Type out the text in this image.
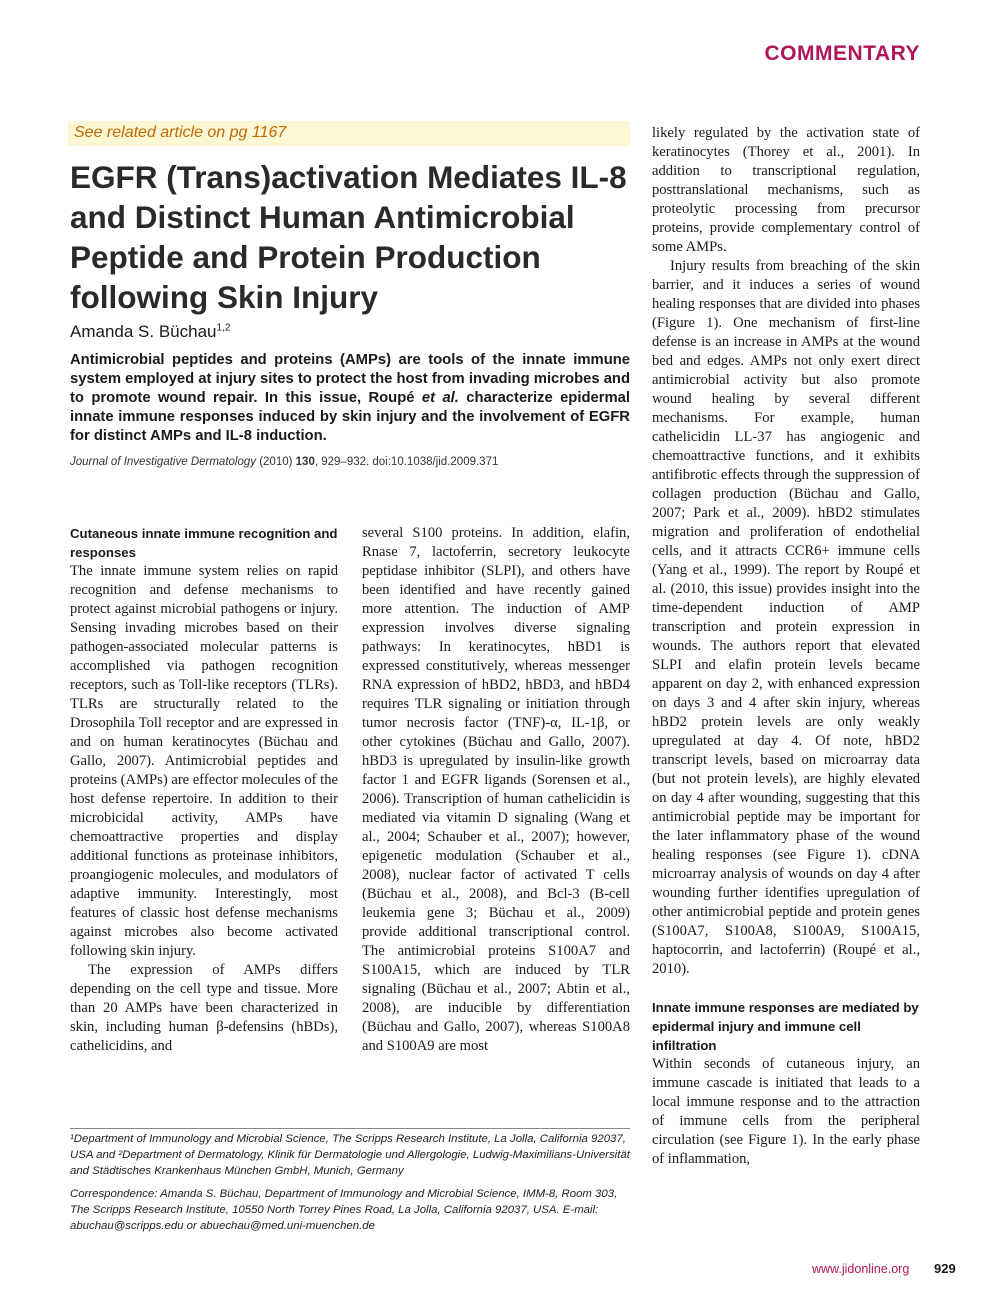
COMMENTARY
See related article on pg 1167
EGFR (Trans)activation Mediates IL-8 and Distinct Human Antimicrobial Peptide and Protein Production following Skin Injury
Amanda S. Büchau$^{1,2}$

Antimicrobial peptides and proteins (AMPs) are tools of the innate immune system employed at injury sites to protect the host from invading microbes and to promote wound repair. In this issue, Roupé et al. characterize epidermal innate immune responses induced by skin injury and the involvement of EGFR for distinct AMPs and IL-8 induction.

Journal of Investigative Dermatology (2010) 130, 929–932. doi:10.1038/jid.2009.371
Cutaneous innate immune recognition and responses

The innate immune system relies on rapid recognition and defense mechanisms to protect against microbial pathogens or injury. Sensing invading microbes based on their pathogen-associated molecular patterns is accomplished via pathogen recognition receptors, such as Toll-like receptors (TLRs). TLRs are structurally related to the Drosophila Toll receptor and are expressed in and on human keratinocytes (Büchau and Gallo, 2007). Antimicrobial peptides and proteins (AMPs) are effector molecules of the host defense repertoire. In addition to their microbicidal activity, AMPs have chemoattractive properties and display additional functions as proteinase inhibitors, proangiogenic molecules, and modulators of adaptive immunity. Interestingly, most features of classic host defense mechanisms against microbes also become activated following skin injury.

The expression of AMPs differs depending on the cell type and tissue. More than 20 AMPs have been characterized in skin, including human β-defensins (hBDs), cathelicidins, and

several S100 proteins. In addition, elafin, Rnase 7, lactoferrin, secretory leukocyte peptidase inhibitor (SLPI), and others have been identified and have recently gained more attention. The induction of AMP expression involves diverse signaling pathways: In keratinocytes, hBD1 is expressed constitutively, whereas messenger RNA expression of hBD2, hBD3, and hBD4 requires TLR signaling or initiation through tumor necrosis factor (TNF)-α, IL-1β, or other cytokines (Büchau and Gallo, 2007). hBD3 is upregulated by insulin-like growth factor 1 and EGFR ligands (Sorensen et al., 2006). Transcription of human cathelicidin is mediated via vitamin D signaling (Wang et al., 2004; Schauber et al., 2007); however, epigenetic modulation (Schauber et al., 2008), nuclear factor of activated T cells (Büchau et al., 2008), and Bcl-3 (B-cell leukemia gene 3; Büchau et al., 2009) provide additional transcriptional control. The antimicrobial proteins S100A7 and S100A15, which are induced by TLR signaling (Büchau et al., 2007; Abtin et al., 2008), are inducible by differentiation (Büchau and Gallo, 2007), whereas S100A8 and S100A9 are most

likely regulated by the activation state of keratinocytes (Thorey et al., 2001). In addition to transcriptional regulation, posttranslational mechanisms, such as proteolytic processing from precursor proteins, provide complementary control of some AMPs.

Injury results from breaching of the skin barrier, and it induces a series of wound healing responses that are divided into phases (Figure 1). One mechanism of first-line defense is an increase in AMPs at the wound bed and edges. AMPs not only exert direct antimicrobial activity but also promote wound healing by several different mechanisms. For example, human cathelicidin LL-37 has angiogenic and chemoattractive functions, and it exhibits antifibrotic effects through the suppression of collagen production (Büchau and Gallo, 2007; Park et al., 2009). hBD2 stimulates migration and proliferation of endothelial cells, and it attracts CCR6+ immune cells (Yang et al., 1999). The report by Roupé et al. (2010, this issue) provides insight into the time-dependent induction of AMP transcription and protein expression in wounds. The authors report that elevated SLPI and elafin protein levels became apparent on day 2, with enhanced expression on days 3 and 4 after skin injury, whereas hBD2 protein levels are only weakly upregulated at day 4. Of note, hBD2 transcript levels, based on microarray data (but not protein levels), are highly elevated on day 4 after wounding, suggesting that this antimicrobial peptide may be important for the later inflammatory phase of the wound healing responses (see Figure 1). cDNA microarray analysis of wounds on day 4 after wounding further identifies upregulation of other antimicrobial peptide and protein genes (S100A7, S100A8, S100A9, S100A15, haptocorrin, and lactoferrin) (Roupé et al., 2010).

Innate immune responses are mediated by epidermal injury and immune cell infiltration

Within seconds of cutaneous injury, an immune cascade is initiated that leads to a local immune response and to the attraction of immune cells from the peripheral circulation (see Figure 1). In the early phase of inflammation,

¹Department of Immunology and Microbial Science, The Scripps Research Institute, La Jolla, California 92037, USA and ²Department of Dermatology, Klinik für Dermatologie und Allergologie, Ludwig-Maximilians-Universität and Städtisches Krankenhaus München GmbH, Munich, Germany

Correspondence: Amanda S. Büchau, Department of Immunology and Microbial Science, IMM-8, Room 303, The Scripps Research Institute, 10550 North Torrey Pines Road, La Jolla, California 92037, USA. E-mail: abuchau@scripps.edu or abuechau@med.uni-muenchen.de

www.jidonline.org 929
